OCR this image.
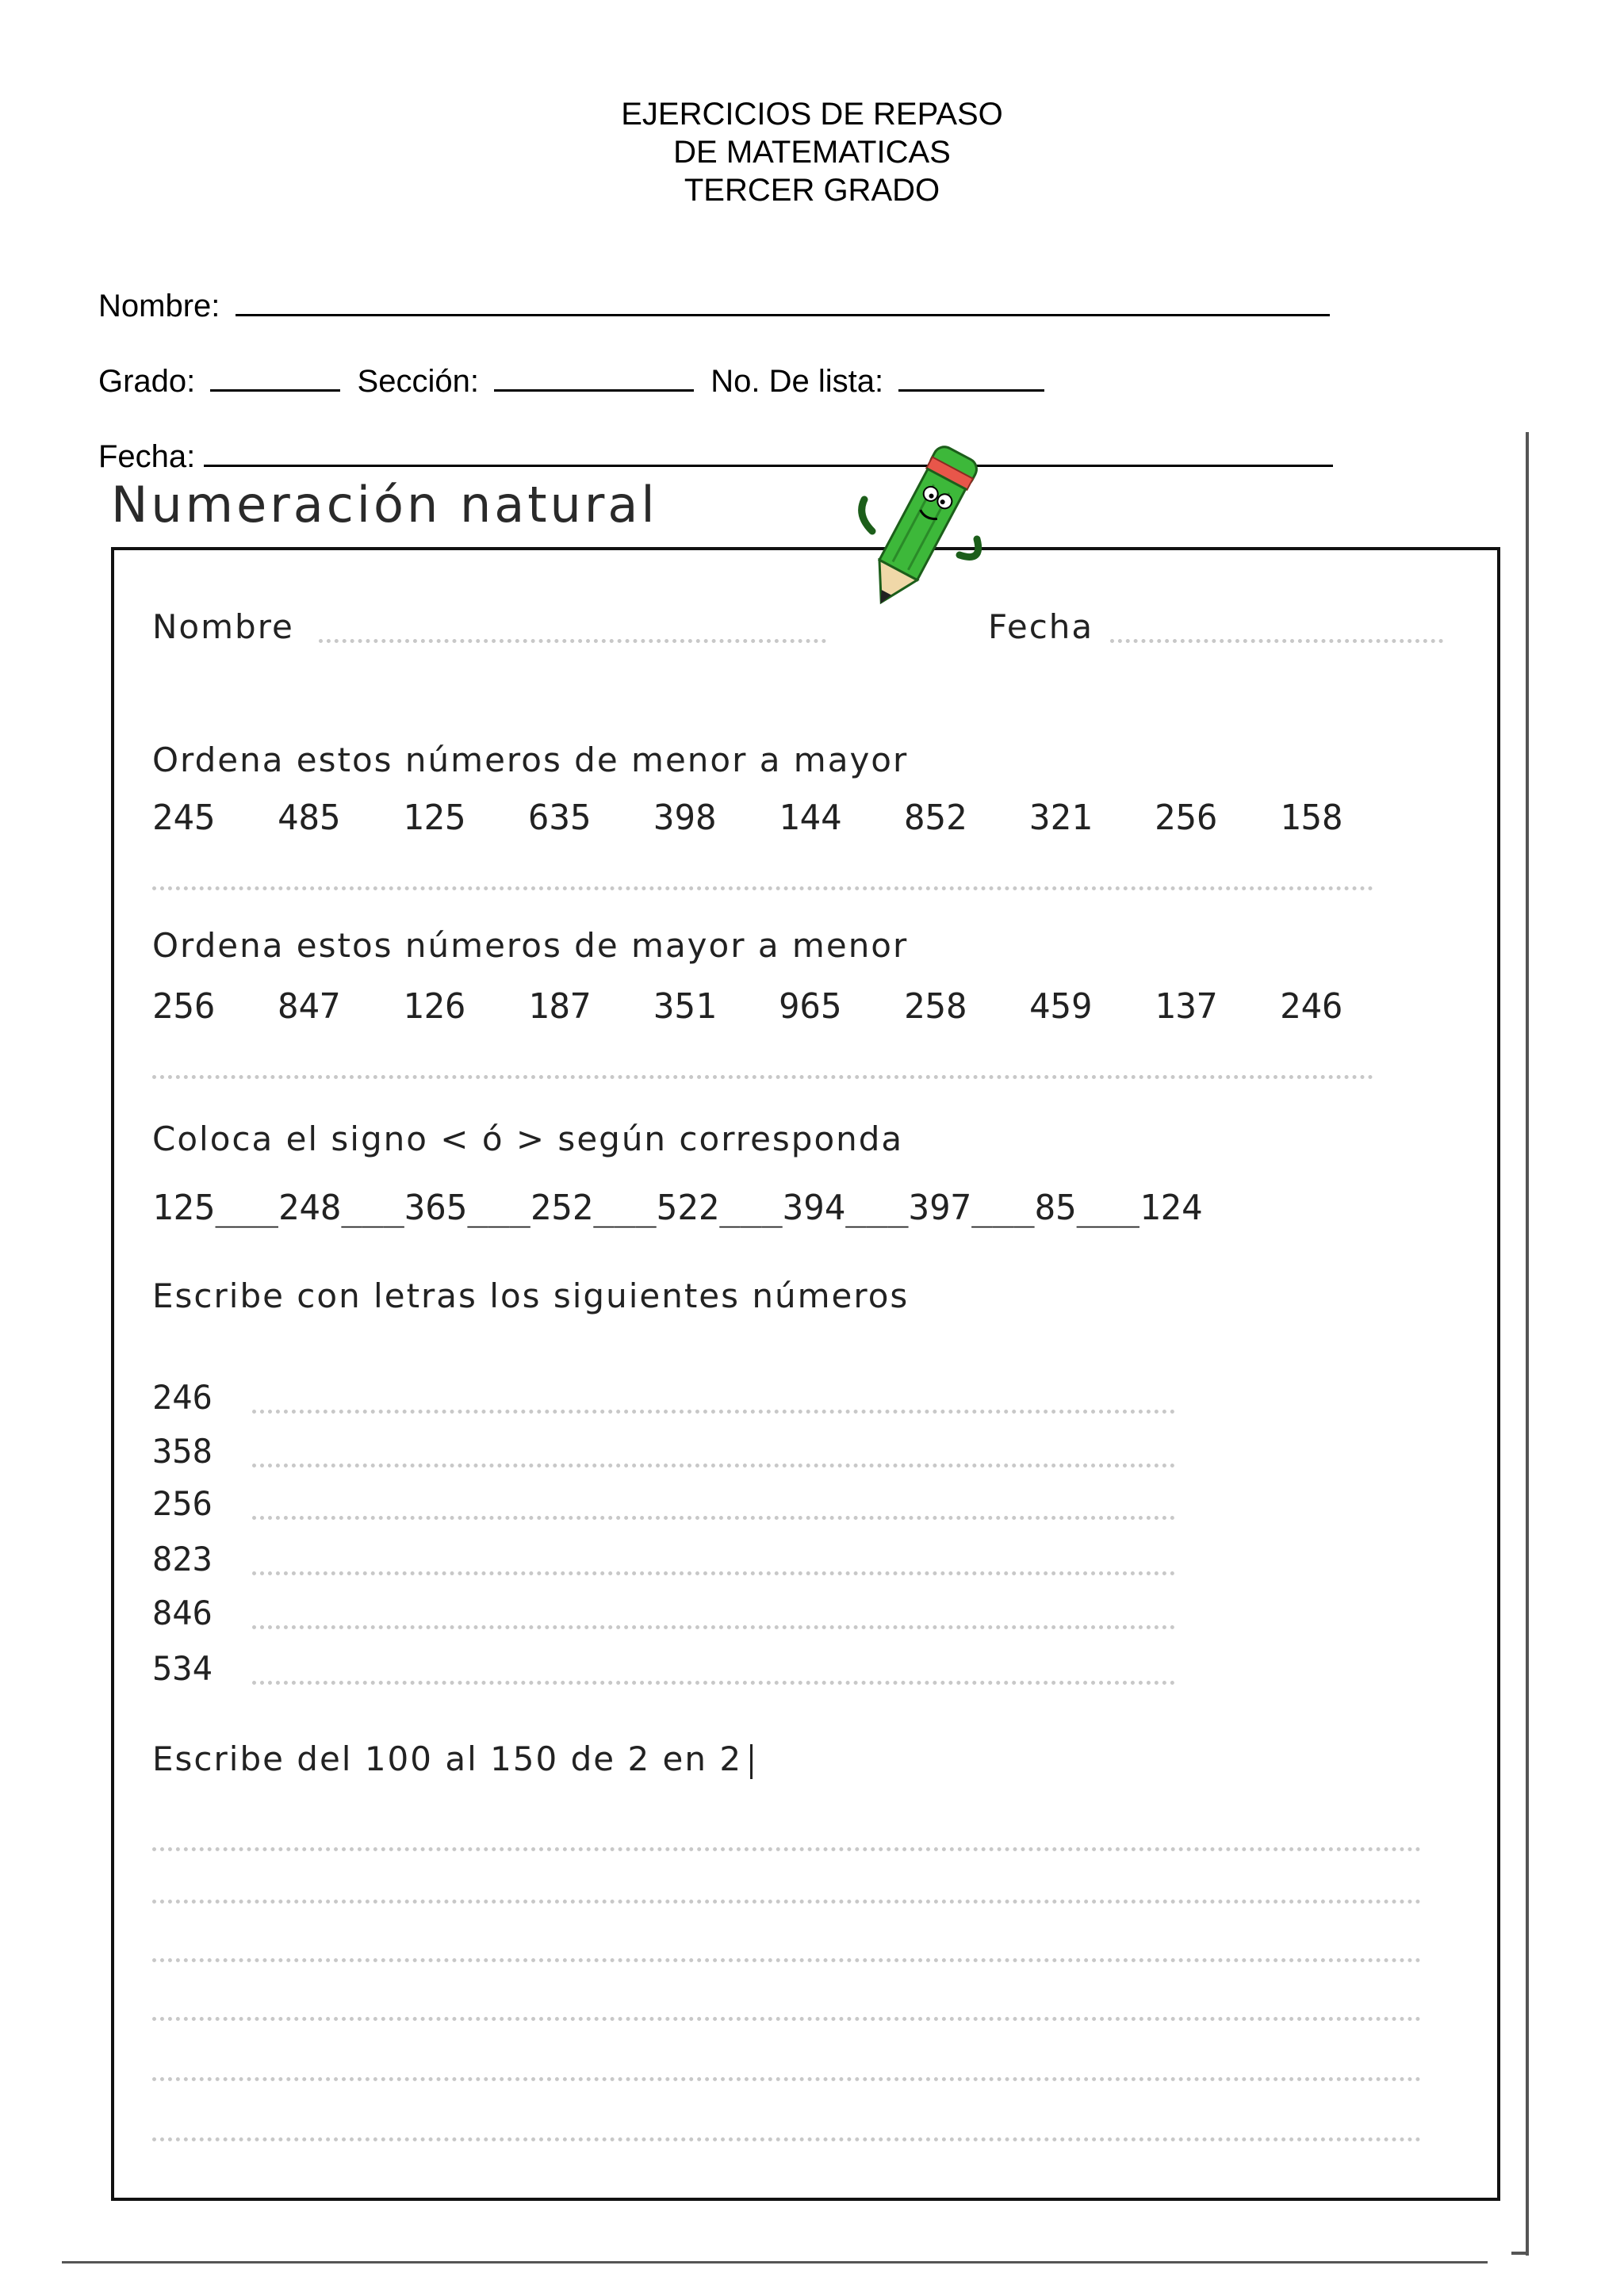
EJERCICIOS DE REPASO
DE MATEMATICAS
TERCER GRADO
Nombre:
Grado:	Sección:	No. De lista:
Fecha:
Numeración natural
Nombre	Fecha
Ordena estos números de menor a mayor
245	485	125	635	398	144	852	321	256	158
Ordena estos números de mayor a menor
256	847	126	187	351	965	258	459	137	246
Coloca el signo < ó > según corresponda
125___248___365___252___522___394___397___85___124
Escribe con letras los siguientes números
246
358
256
823
846
534
Escribe del 100 al 150 de 2 en 2
